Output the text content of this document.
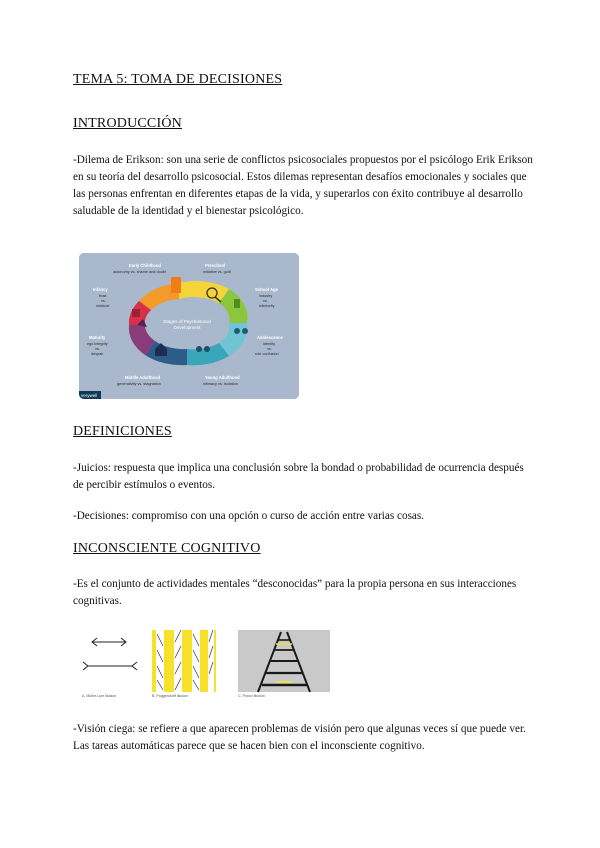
TEMA 5: TOMA DE DECISIONES
INTRODUCCIÓN

-Dilema de Erikson: son una serie de conflictos psicosociales propuestos por el psicólogo Erik Erikson en su teoría del desarrollo psicosocial. Estos dilemas representan desafíos emocionales y sociales que las personas enfrentan en diferentes etapas de la vida, y superarlos con éxito contribuye al desarrollo saludable de la identidad y el bienestar psicológico.

Stages of Psychosocial
Development
Early Childhood
autonomy vs. shame and doubt
Preschool
initiative vs. guilt
School Age
industry
vs.
inferiority
Adolescence
identity
vs.
role confusion
Young Adulthood
intimacy vs. isolation
Middle Adulthood
generativity vs. stagnation
Maturity
ego integrity
vs.
despair
Infancy
trust
vs.
mistrust
verywell
DEFINICIONES

-Juicios: respuesta que implica una conclusión sobre la bondad o probabilidad de ocurrencia después de percibir estímulos o eventos.

-Decisiones: compromiso con una opción o curso de acción entre varias cosas.

INCONSCIENTE COGNITIVO

-Es el conjunto de actividades mentales “desconocidas” para la propia persona en sus interacciones cognitivas.

A. Müller-Lyer illusion	B. Poggendorff illusion	C. Ponzo illusion

-Visión ciega: se refiere a que aparecen problemas de visión pero que algunas veces sí que puede ver. Las tareas automáticas parece que se hacen bien con el inconsciente cognitivo.
